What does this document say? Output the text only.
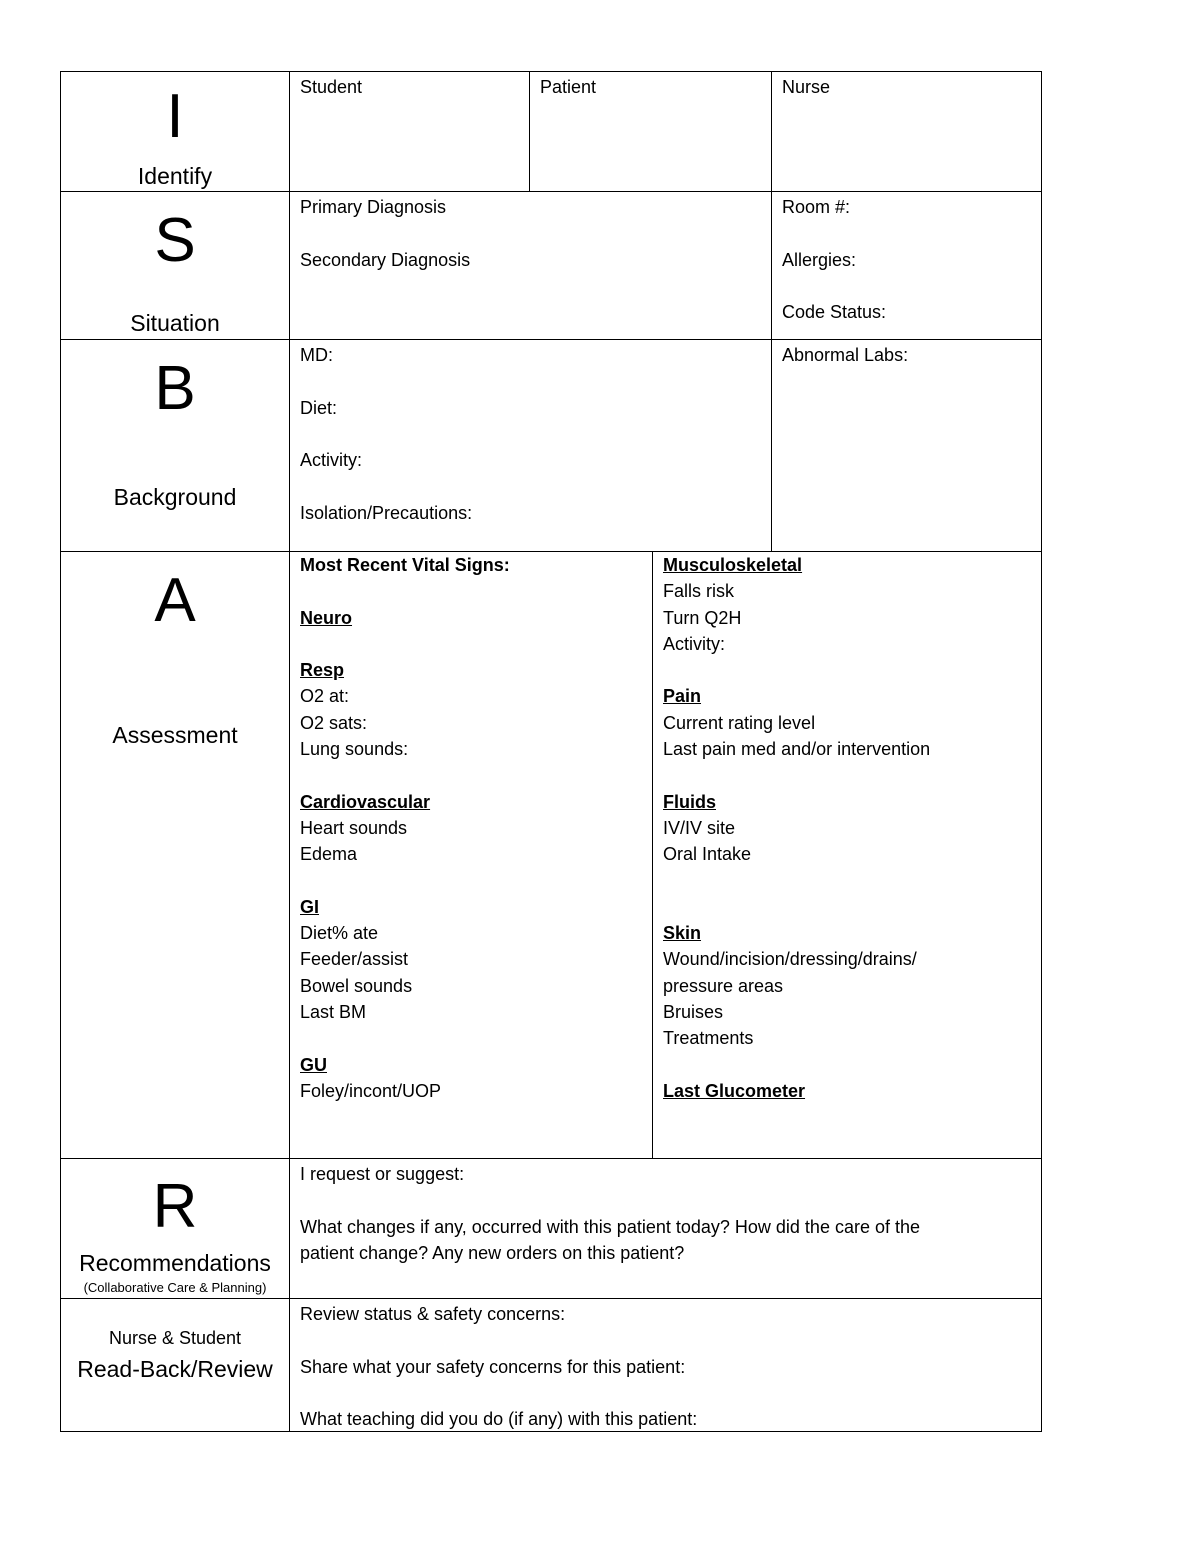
I
Identify
Student	Patient	Nurse
S
Situation
Primary Diagnosis
Secondary Diagnosis
Room #:
Allergies:
Code Status:
B
Background
MD:
Diet:
Activity:
Isolation/Precautions:
Abnormal Labs:
A
Assessment
Most Recent Vital Signs:
Neuro
Resp
O2 at:
O2 sats:
Lung sounds:
Cardiovascular
Heart sounds
Edema
GI
Diet% ate
Feeder/assist
Bowel sounds
Last BM
GU
Foley/incont/UOP
Musculoskeletal
Falls risk
Turn Q2H
Activity:
Pain
Current rating level
Last pain med and/or intervention
Fluids
IV/IV site
Oral Intake
Skin
Wound/incision/dressing/drains/
pressure areas
Bruises
Treatments
Last Glucometer
R
Recommendations
(Collaborative Care & Planning)
I request or suggest:
What changes if any, occurred with this patient today? How did the care of the
patient change? Any new orders on this patient?
Nurse & Student
Read-Back/Review
Review status & safety concerns:
Share what your safety concerns for this patient:
What teaching did you do (if any) with this patient:
